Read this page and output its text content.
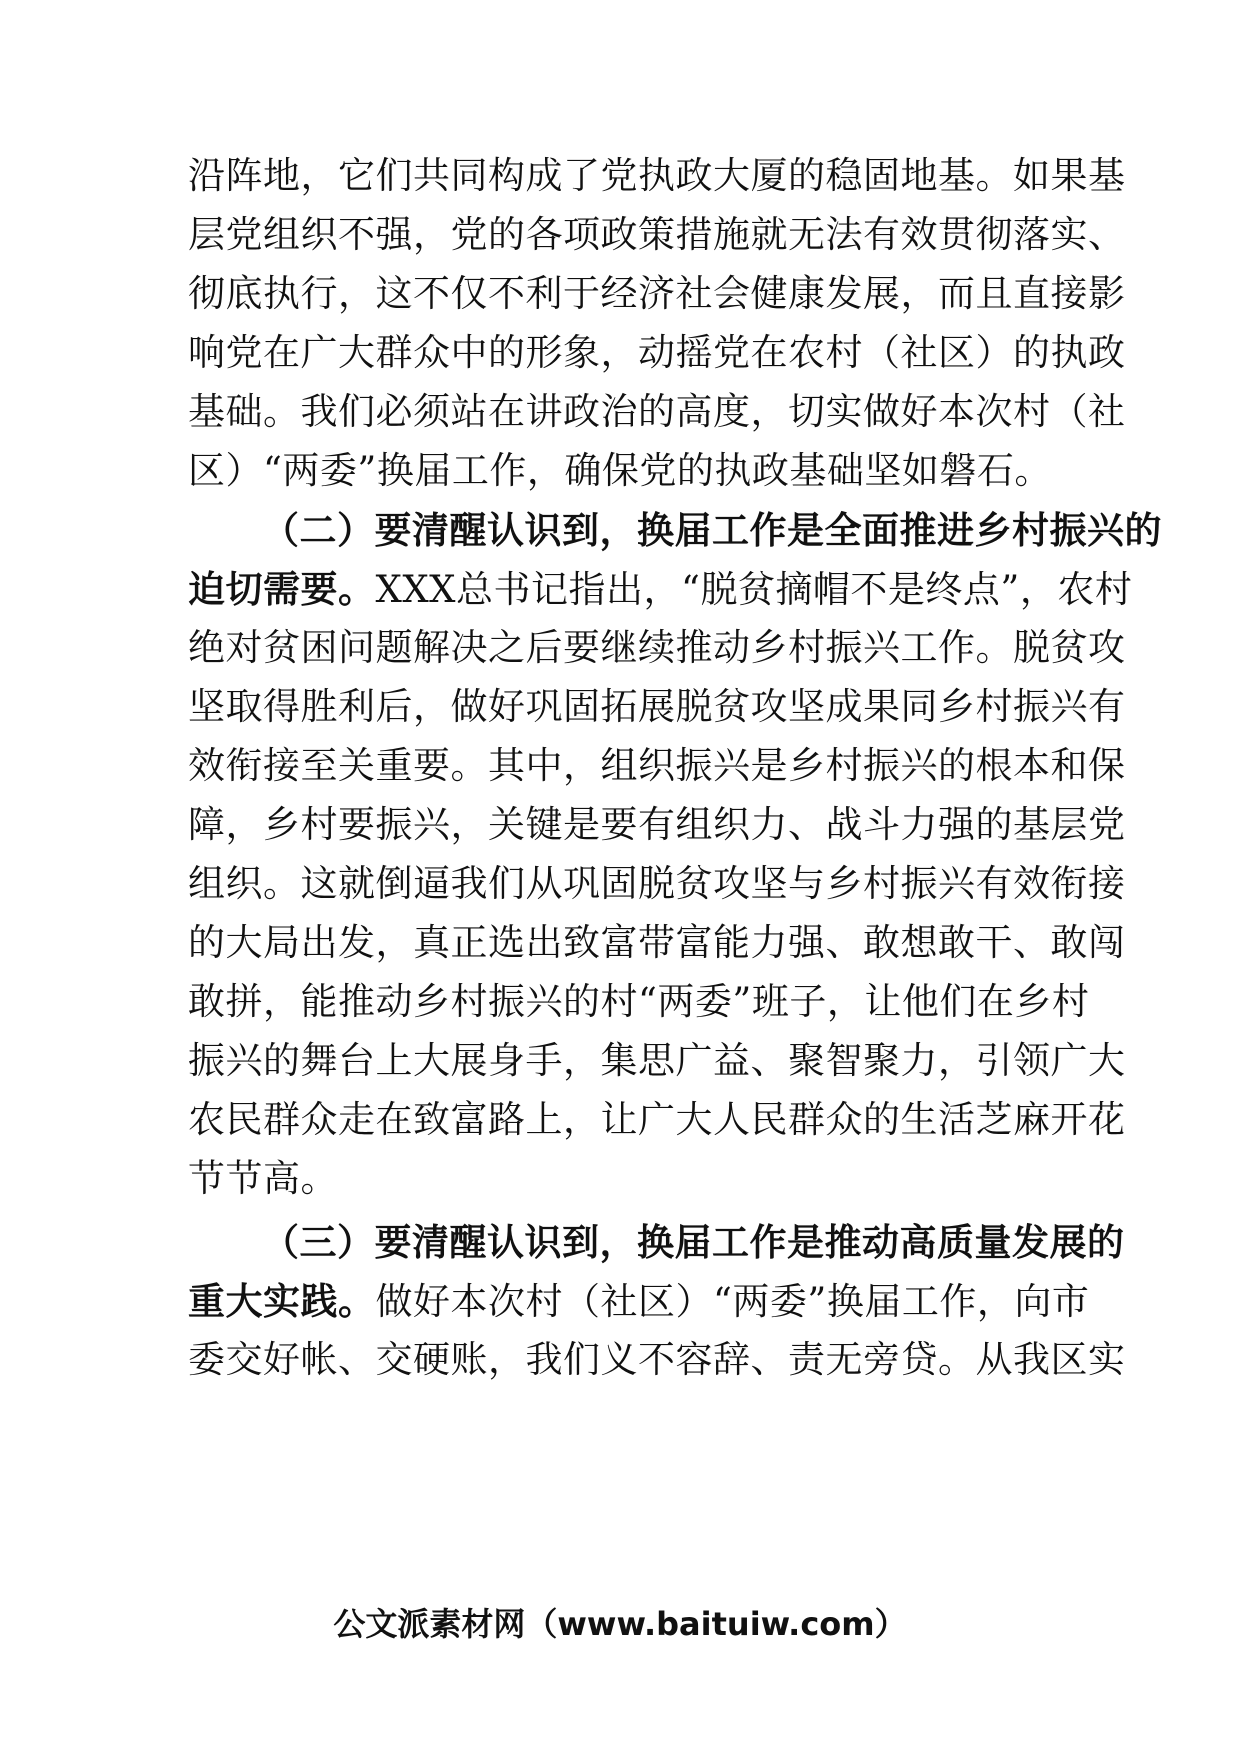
沿阵地，它们共同构成了党执政大厦的稳固地基。如果基
层党组织不强，党的各项政策措施就无法有效贯彻落实、
彻底执行，这不仅不利于经济社会健康发展，而且直接影
响党在广大群众中的形象，动摇党在农村（社区）的执政
基础。我们必须站在讲政治的高度，切实做好本次村（社
区）“两委”换届工作，确保党的执政基础坚如磐石。
（二）要清醒认识到，换届工作是全面推进乡村振兴的
迫切需要。XXX总书记指出，“脱贫摘帽不是终点”，农村
绝对贫困问题解决之后要继续推动乡村振兴工作。脱贫攻
坚取得胜利后，做好巩固拓展脱贫攻坚成果同乡村振兴有
效衔接至关重要。其中，组织振兴是乡村振兴的根本和保
障，乡村要振兴，关键是要有组织力、战斗力强的基层党
组织。这就倒逼我们从巩固脱贫攻坚与乡村振兴有效衔接
的大局出发，真正选出致富带富能力强、敢想敢干、敢闯
敢拼，能推动乡村振兴的村“两委”班子，让他们在乡村
振兴的舞台上大展身手，集思广益、聚智聚力，引领广大
农民群众走在致富路上，让广大人民群众的生活芝麻开花
节节高。
（三）要清醒认识到，换届工作是推动高质量发展的
重大实践。做好本次村（社区）“两委”换届工作，向市
委交好帐、交硬账，我们义不容辞、责无旁贷。从我区实
公文派素材网（www.baituiw.com）
